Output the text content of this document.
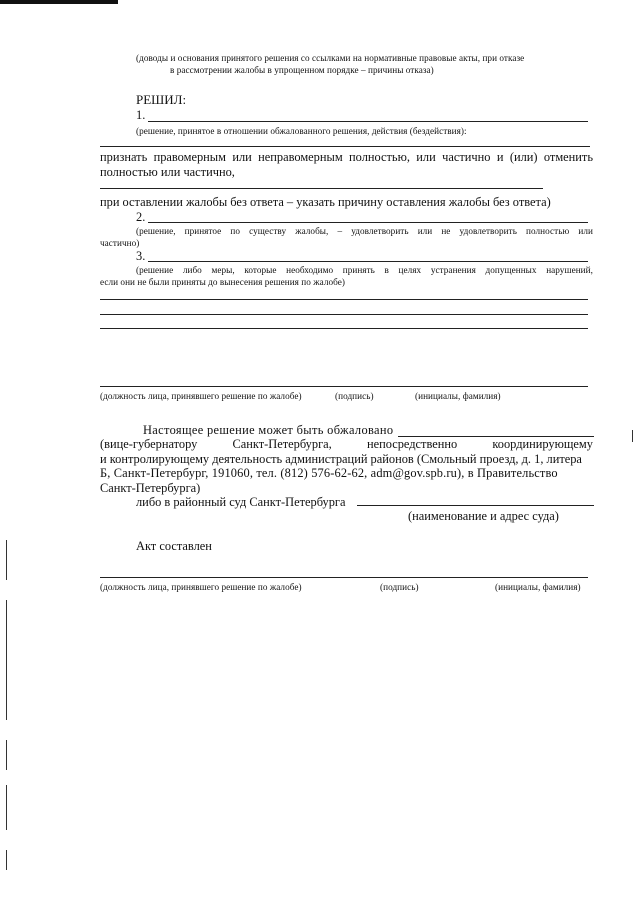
(доводы и основания принятого решения со ссылками на нормативные правовые акты, при отказе
в рассмотрении жалобы в упрощенном порядке – причины отказа)
РЕШИЛ:
1.
(решение, принятое в отношении обжалованного решения, действия (бездействия):
признать правомерным или неправомерным полностью, или частично и (или) отменить
полностью или частично,
при оставлении жалобы без ответа – указать причину оставления жалобы без ответа)
2.
(решение, принятое по существу жалобы, – удовлетворить или не удовлетворить полностью или
частично)
3.
(решение либо меры, которые необходимо принять в целях устранения допущенных нарушений,
если они не были приняты до вынесения решения по жалобе)
(должность лица, принявшего решение по жалобе)	(подпись)	(инициалы, фамилия)
Настоящее решение может быть обжаловано
(вице-губернатору	Санкт-Петербурга,	непосредственно	координирующему
и контролирующему деятельность администраций районов (Смольный проезд, д. 1, литера
Б, Санкт-Петербург, 191060, тел. (812) 576-62-62, adm@gov.spb.ru), в Правительство
Санкт-Петербурга)
либо в районный суд Санкт-Петербурга
(наименование и адрес суда)
Акт составлен
(должность лица, принявшего решение по жалобе)	(подпись)	(инициалы, фамилия)
